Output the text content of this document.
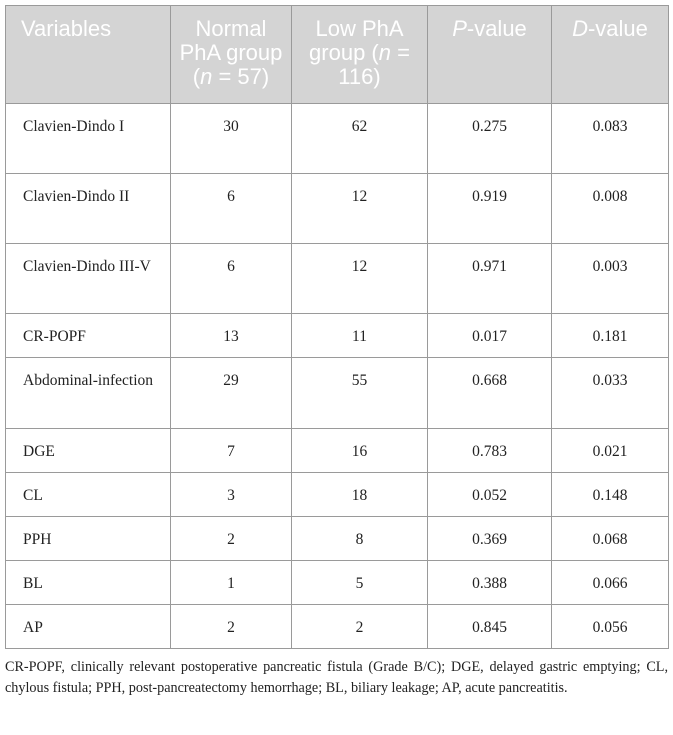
Variables	Normal PhA group (n = 57)	Low PhA group (n = 116)	P-value	D-value
Clavien-Dindo I	30	62	0.275	0.083
Clavien-Dindo II	6	12	0.919	0.008
Clavien-Dindo III-V	6	12	0.971	0.003
CR-POPF	13	11	0.017	0.181
Abdominal-infection	29	55	0.668	0.033
DGE	7	16	0.783	0.021
CL	3	18	0.052	0.148
PPH	2	8	0.369	0.068
BL	1	5	0.388	0.066
AP	2	2	0.845	0.056
CR-POPF, clinically relevant postoperative pancreatic fistula (Grade B/C); DGE, delayed gastric emptying; CL, chylous fistula; PPH, post-pancreatectomy hemorrhage; BL, biliary leakage; AP, acute pancreatitis.
